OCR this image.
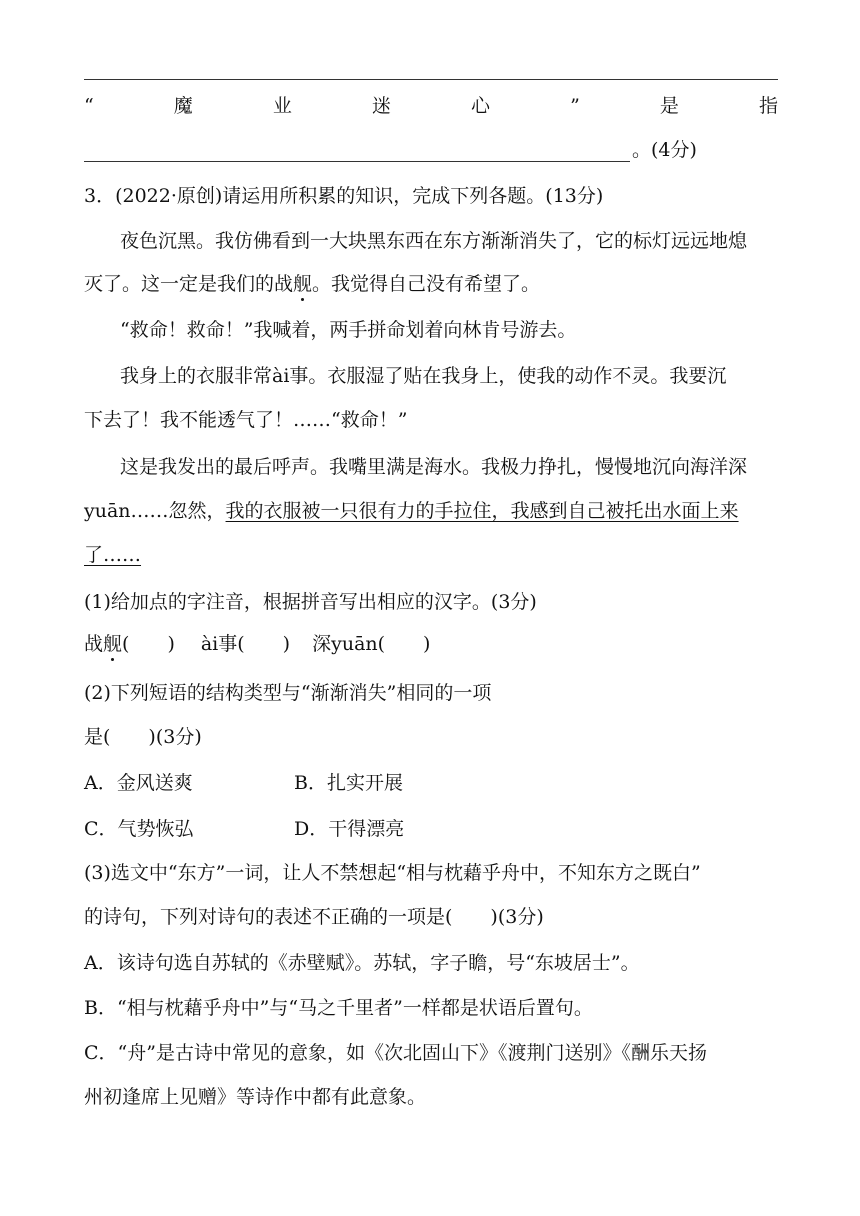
“	魔	业	迷	心	”	是	指
。(4分)
3．(2022·原创)请运用所积累的知识，完成下列各题。(13分)
夜色沉黑。我仿佛看到一大块黑东西在东方渐渐消失了，它的标灯远远地熄
灭了。这一定是我们的战舰。我觉得自己没有希望了。
“救命！救命！”我喊着，两手拼命划着向林肯号游去。
我身上的衣服非常ài事。衣服湿了贴在我身上，使我的动作不灵。我要沉
下去了！我不能透气了！……“救命！”
这是我发出的最后呼声。我嘴里满是海水。我极力挣扎，慢慢地沉向海洋深
yuān……忽然，我的衣服被一只很有力的手拉住，我感到自己被托出水面上来
了……
(1)给加点的字注音，根据拼音写出相应的汉字。(3分)
战舰(　　) ài事(　　) 深yuān(　　)
(2)下列短语的结构类型与“渐渐消失”相同的一项
是(　　)(3分)
A．金风送爽	B．扎实开展
C．气势恢弘	D．干得漂亮
(3)选文中“东方”一词，让人不禁想起“相与枕藉乎舟中，不知东方之既白”
的诗句，下列对诗句的表述不正确的一项是(　　)(3分)
A．该诗句选自苏轼的《赤壁赋》。苏轼，字子瞻，号“东坡居士”。
B．“相与枕藉乎舟中”与“马之千里者”一样都是状语后置句。
C．“舟”是古诗中常见的意象，如《次北固山下》《渡荆门送别》《酬乐天扬
州初逢席上见赠》等诗作中都有此意象。
